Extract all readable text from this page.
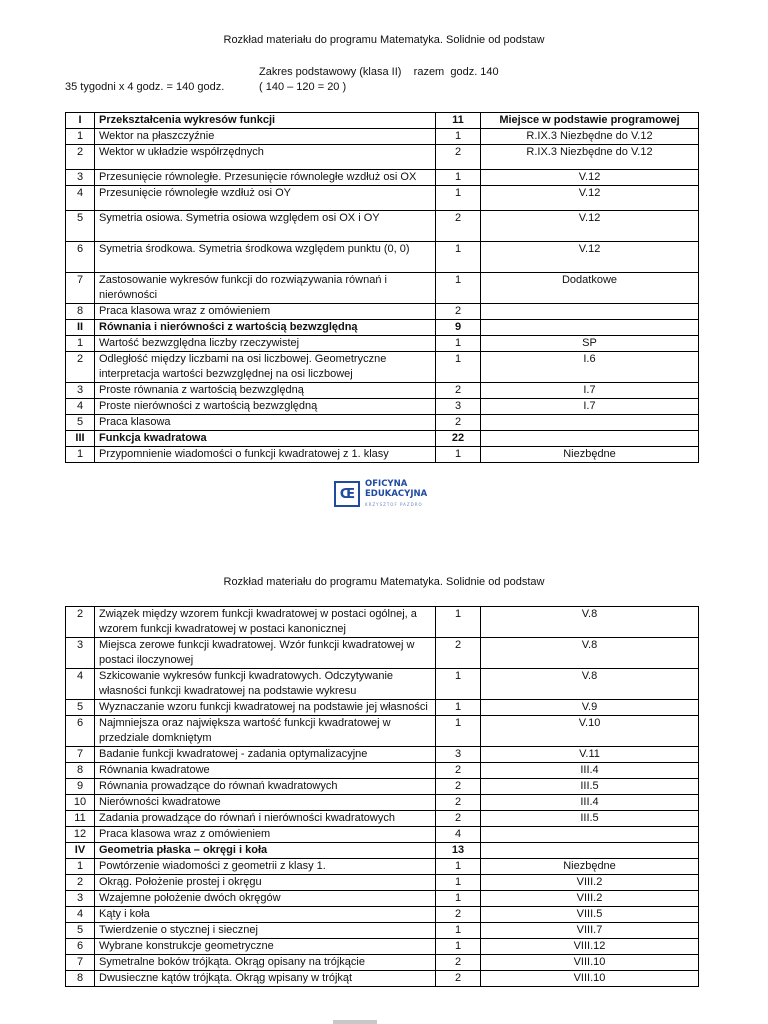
Rozkład materiału do programu Matematyka. Solidnie od podstaw
Zakres podstawowy (klasa II)    razem  godz. 140
35 tygodni x 4 godz. = 140 godz.	( 140 – 120 = 20 )
I	Przekształcenia wykresów funkcji	11	Miejsce w podstawie programowej
1	Wektor na płaszczyźnie	1	R.IX.3 Niezbędne do V.12
2	Wektor w układzie współrzędnych	2	R.IX.3 Niezbędne do V.12
3	Przesunięcie równoległe. Przesunięcie równoległe wzdłuż osi OX	1	V.12
4	Przesunięcie równoległe wzdłuż osi OY	1	V.12
5	Symetria osiowa. Symetria osiowa względem osi OX i OY	2	V.12
6	Symetria środkowa. Symetria środkowa względem punktu (0, 0)	1	V.12
7	Zastosowanie wykresów funkcji do rozwiązywania równań i nierówności	1	Dodatkowe
8	Praca klasowa wraz z omówieniem	2	
II	Równania i nierówności z wartością bezwzględną	9	
1	Wartość bezwzględna liczby rzeczywistej	1	SP
2	Odległość między liczbami na osi liczbowej. Geometryczne interpretacja wartości bezwzględnej na osi liczbowej	1	I.6
3	Proste równania z wartością bezwzględną	2	I.7
4	Proste nierówności z wartością bezwzględną	3	I.7
5	Praca klasowa	2	
III	Funkcja kwadratowa	22	
1	Przypomnienie wiadomości o funkcji kwadratowej z 1. klasy	1	Niezbędne
Œ
OFICYNA
EDUKACYJNA
KRZYSZTOF PAZDRO
Rozkład materiału do programu Matematyka. Solidnie od podstaw
2	Związek między wzorem funkcji kwadratowej w postaci ogólnej, a wzorem funkcji kwadratowej w postaci kanonicznej	1	V.8
3	Miejsca zerowe funkcji kwadratowej. Wzór funkcji kwadratowej w postaci iloczynowej	2	V.8
4	Szkicowanie wykresów funkcji kwadratowych. Odczytywanie własności funkcji kwadratowej na podstawie wykresu	1	V.8
5	Wyznaczanie wzoru funkcji kwadratowej na podstawie jej własności	1	V.9
6	Najmniejsza oraz największa wartość funkcji kwadratowej w przedziale domkniętym	1	V.10
7	Badanie funkcji kwadratowej - zadania optymalizacyjne	3	V.11
8	Równania kwadratowe	2	III.4
9	Równania prowadzące do równań kwadratowych	2	III.5
10	Nierówności kwadratowe	2	III.4
11	Zadania prowadzące do równań i nierówności kwadratowych	2	III.5
12	Praca klasowa wraz z omówieniem	4	
IV	Geometria płaska – okręgi i koła	13	
1	Powtórzenie wiadomości z geometrii z klasy 1.	1	Niezbędne
2	Okrąg. Położenie prostej i okręgu	1	VIII.2
3	Wzajemne położenie dwóch okręgów	1	VIII.2
4	Kąty i koła	2	VIII.5
5	Twierdzenie o stycznej i siecznej	1	VIII.7
6	Wybrane konstrukcje geometryczne	1	VIII.12
7	Symetralne boków trójkąta. Okrąg opisany na trójkącie	2	VIII.10
8	Dwusieczne kątów trójkąta. Okrąg wpisany w trójkąt	2	VIII.10
